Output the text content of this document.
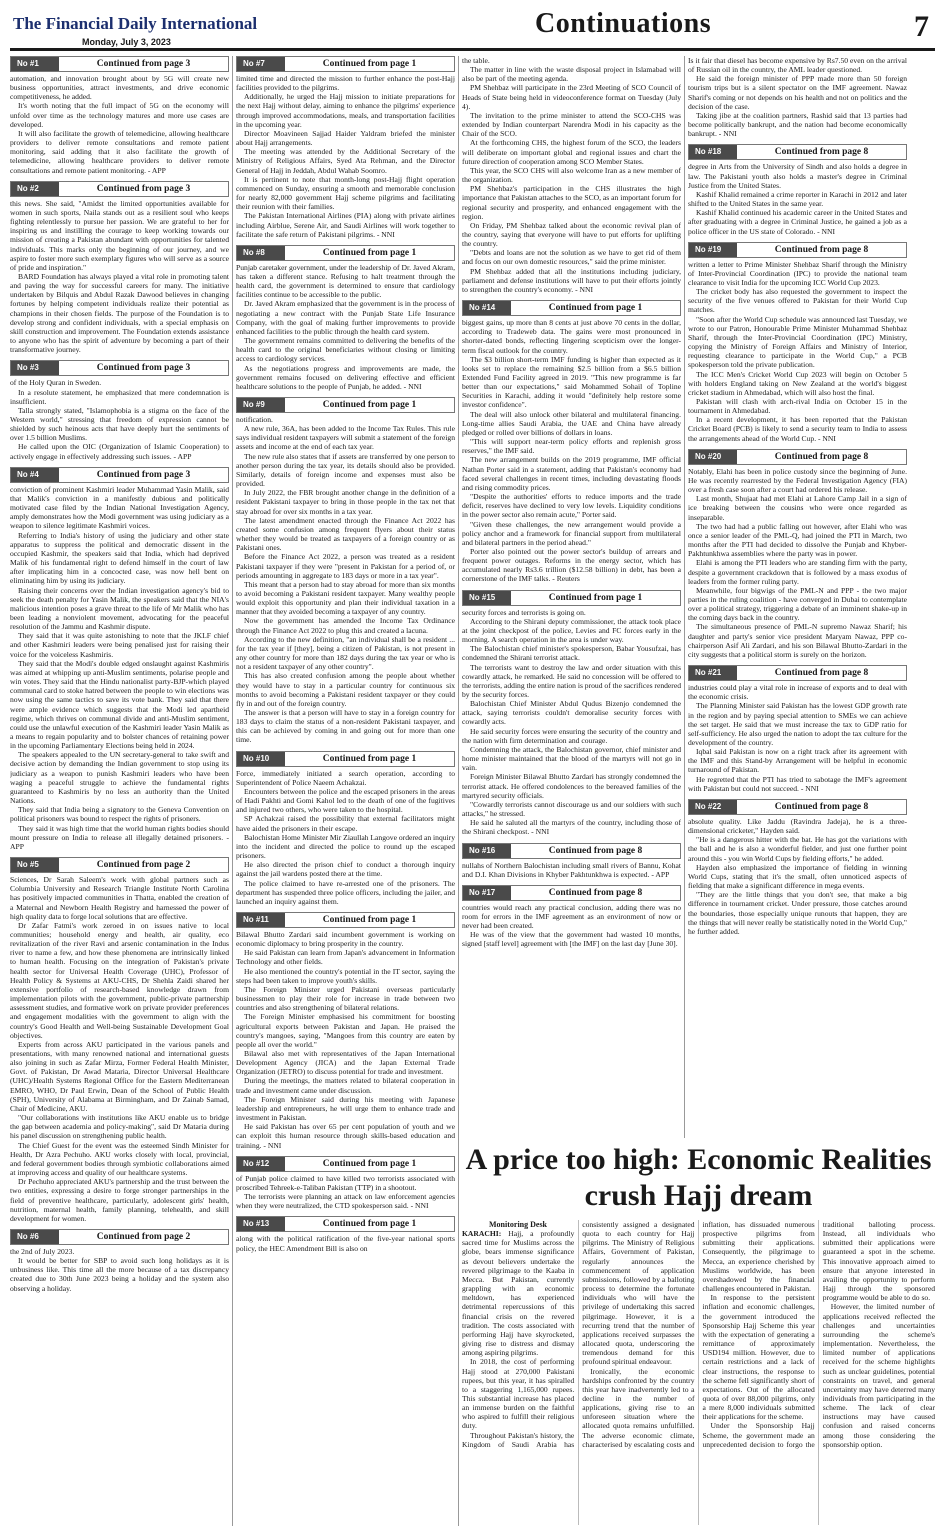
The Financial Daily International
Monday, July 3, 2023
Continuations	7
No #1	Continued from page 3

automation, and innovation brought about by 5G will create new business opportunities, attract investments, and drive economic competitiveness, he added.

It's worth noting that the full impact of 5G on the economy will unfold over time as the technology matures and more use cases are developed.

It will also facilitate the growth of telemedicine, allowing healthcare providers to deliver remote consultations and remote patient monitoring, said adding that it also facilitate the growth of telemedicine, allowing healthcare providers to deliver remote consultations and remote patient monitoring. - APP

No #2	Continued from page 3

this news. She said, "Amidst the limited opportunities available for women in such sports, Naila stands out as a resilient soul who keeps fighting relentlessly to pursue her passion. We are grateful to her for inspiring us and instilling the courage to keep working towards our mission of creating a Pakistan abundant with opportunities for talented individuals. This marks only the beginning of our journey, and we aspire to foster more such exemplary figures who will serve as a source of pride and inspiration."

BARD Foundation has always played a vital role in promoting talent and paving the way for successful careers for many. The initiative undertaken by Bilquis and Abdul Razak Dawood believes in changing fortunes by helping competent individuals realize their potential as champions in their chosen fields. The purpose of the Foundation is to develop strong and confident individuals, with a special emphasis on skill construction and improvement. The Foundation extends assistance to anyone who has the spirit of adventure by becoming a part of their transformative journey.

No #3	Continued from page 3

of the Holy Quran in Sweden.

In a resolute statement, he emphasized that mere condemnation is insufficient.

Talla strongly stated, "Islamophobia is a stigma on the face of the Western world," stressing that freedom of expression cannot be shielded by such heinous acts that have deeply hurt the sentiments of over 1.5 billion Muslims.

He called upon the OIC (Organization of Islamic Cooperation) to actively engage in effectively addressing such issues. - APP

No #4	Continued from page 3

conviction of prominent Kashmiri leader Muhammad Yasin Malik, said that Malik's conviction in a manifestly dubious and politically motivated case filed by the Indian National Investigation Agency, amply demonstrates how the Modi government was using judiciary as a weapon to silence legitimate Kashmiri voices.

Referring to India's history of using the judiciary and other state apparatus to suppress the political and democratic dissent in the occupied Kashmir, the speakers said that India, which had deprived Malik of his fundamental right to defend himself in the court of law after implicating him in a concocted case, was now hell bent on eliminating him by using its judiciary.

Raising their concerns over the Indian investigation agency's bid to seek the death penalty for Yasin Malik, the speakers said that the NIA's malicious intention poses a grave threat to the life of Mr Malik who has been leading a nonviolent movement, advocating for the peaceful resolution of the Jammu and Kashmir dispute.

They said that it was quite astonishing to note that the JKLF chief and other Kashmiri leaders were being penalised just for raising their voice for the voiceless Kashmiris.

They said that the Modi's double edged onslaught against Kashmiris was aimed at whipping up anti-Muslim sentiments, polarise people and win votes. They said that the Hindu nationalist party-BJP-which played communal card to stoke hatred between the people to win elections was now using the same tactics to save its vote bank. They said that there were ample evidence which suggests that the Modi led apartheid regime, which thrives on communal divide and anti-Muslim sentiment, could use the unlawful execution of the Kashmiri leader Yasin Malik as a means to regain popularity and to bolster chances of retaining power in the upcoming Parliamentary Elections being held in 2024.

The speakers appealed to the UN secretary-general to take swift and decisive action by demanding the Indian government to stop using its judiciary as a weapon to punish Kashmiri leaders who have been waging a peaceful struggle to achieve the fundamental rights guaranteed to Kashmiris by no less an authority than the United Nations.

They said that India being a signatory to the Geneva Convention on political prisoners was bound to respect the rights of prisoners.

They said it was high time that the world human rights bodies should mount pressure on India to release all illegally detained prisoners. - APP

No #5	Continued from page 2

Sciences, Dr Sarah Saleem's work with global partners such as Columbia University and Research Triangle Institute North Carolina has positively impacted communities in Thatta, enabled the creation of a Maternal and Newborn Health Registry and harnessed the power of high quality data to forge local solutions that are effective.

Dr Zafar Fatmi's work zeroed in on issues native to local communities; household energy and health, air quality, eco revitalization of the river Ravi and arsenic contamination in the Indus river to name a few, and how these phenomena are intrinsically linked to human health. Focusing on the integration of Pakistan's private health sector for Universal Health Coverage (UHC), Professor of Health Policy & Systems at AKU-CHS, Dr Shehla Zaidi shared her extensive portfolio of research-based knowledge drawn from implementation pilots with the government, public-private partnership assessment studies, and formative work on private provider preferences and engagement modalities with the government to align with the country's Good Health and Well-being Sustainable Development Goal objectives.

Experts from across AKU participated in the various panels and presentations, with many renowned national and international guests also joining in such as Zafar Mirza, Former Federal Health Minister, Govt. of Pakistan, Dr Awad Mataria, Director Universal Healthcare (UHC)/Health Systems Regional Office for the Eastern Mediterranean EMRO, WHO, Dr Paul Erwin, Dean of the School of Public Health (SPH), University of Alabama at Birmingham, and Dr Zainab Samad, Chair of Medicine, AKU.

"Our collaborations with institutions like AKU enable us to bridge the gap between academia and policy-making", said Dr Mataria during his panel discussion on strengthening public health.

The Chief Guest for the event was the esteemed Sindh Minister for Health, Dr Azra Pechuho. AKU works closely with local, provincial, and federal government bodies through symbiotic collaborations aimed at improving access and quality of our healthcare systems.

Dr Pechuho appreciated AKU's partnership and the trust between the two entities, expressing a desire to forge stronger partnerships in the field of preventive healthcare, particularly, adolescent girls' health, nutrition, maternal health, family planning, telehealth, and skill development for women.

No #6	Continued from page 2

the 2nd of July 2023.

It would be better for SBP to avoid such long holidays as it is unbusiness like. This time all the more because of a tax discrepancy created due to 30th June 2023 being a holiday and the system also observing a holiday.

No #7	Continued from page 1

limited time and directed the mission to further enhance the post-Hajj facilities provided to the pilgrims.

Additionally, he urged the Hajj mission to initiate preparations for the next Hajj without delay, aiming to enhance the pilgrims' experience through improved accommodations, meals, and transportation facilities in the upcoming year.

Director Moavineen Sajjad Haider Yaldram briefed the minister about Hajj arrangements.

The meeting was attended by the Additional Secretary of the Ministry of Religious Affairs, Syed Ata Rehman, and the Director General of Hajj in Jeddah, Abdul Wahab Soomro.

It is pertinent to note that month-long post-Hajj flight operation commenced on Sunday, ensuring a smooth and memorable conclusion for nearly 82,000 government Hajj scheme pilgrims and facilitating their reunion with their families.

The Pakistan International Airlines (PIA) along with private airlines including Airblue, Serene Air, and Saudi Airlines will work together to facilitate the safe return of Pakistani pilgrims. - NNI

No #8	Continued from page 1

Punjab caretaker government, under the leadership of Dr. Javed Akram, has taken a different stance. Refusing to halt treatment through the health card, the government is determined to ensure that cardiology facilities continue to be accessible to the public.

Dr. Javed Akram emphasized that the government is in the process of negotiating a new contract with the Punjab State Life Insurance Company, with the goal of making further improvements to provide enhanced facilities to the public through the health card system.

The government remains committed to delivering the benefits of the health card to the original beneficiaries without closing or limiting access to cardiology services.

As the negotiations progress and improvements are made, the government remains focused on delivering effective and efficient healthcare solutions to the people of Punjab, he added. - NNI

No #9	Continued from page 1

notification.

A new rule, 36A, has been added to the Income Tax Rules. This rule says individual resident taxpayers will submit a statement of the foreign assets and income at the end of each tax year.

The new rule also states that if assets are transferred by one person to another person during the tax year, its details should also be provided. Similarly, details of foreign income and expenses must also be provided.

In July 2022, the FBR brought another change in the definition of a resident Pakistani taxpayer to bring in those people in the tax net that stay abroad for over six months in a tax year.

The latest amendment enacted through the Finance Act 2022 has created some confusion among frequent flyers about their status whether they would be treated as taxpayers of a foreign country or as Pakistani ones.

Before the Finance Act 2022, a person was treated as a resident Pakistani taxpayer if they were "present in Pakistan for a period of, or periods amounting in aggregate to 183 days or more in a tax year".

This meant that a person had to stay abroad for more than six months to avoid becoming a Pakistani resident taxpayer. Many wealthy people would exploit this opportunity and plan their individual taxation in a manner that they avoided becoming a taxpayer of any country.

Now the government has amended the Income Tax Ordinance through the Finance Act 2022 to plug this and created a lacuna.

According to the new definition, "an individual shall be a resident ... for the tax year if [they], being a citizen of Pakistan, is not present in any other country for more than 182 days during the tax year or who is not a resident taxpayer of any other country".

This has also created confusion among the people about whether they would have to stay in a particular country for continuous six months to avoid becoming a Pakistani resident taxpayer or they could fly in and out of the foreign country.

The answer is that a person will have to stay in a foreign country for 183 days to claim the status of a non-resident Pakistani taxpayer, and this can be achieved by coming in and going out for more than one time.

No #10	Continued from page 1

Force, immediately initiated a search operation, according to Superintendent of Police Naeem Achakzai.

Encounters between the police and the escaped prisoners in the areas of Hadi Pakhti and Gomi Kahol led to the death of one of the fugitives and injured two others, who were taken to the hospital.

SP Achakzai raised the possibility that external facilitators might have aided the prisoners in their escape.

Balochistan Home Minister Mir Ziaullah Langove ordered an inquiry into the incident and directed the police to round up the escaped prisoners.

He also directed the prison chief to conduct a thorough inquiry against the jail wardens posted there at the time.

The police claimed to have re-arrested one of the prisoners. The department has suspended three police officers, including the jailer, and launched an inquiry against them.

No #11	Continued from page 1

Bilawal Bhutto Zardari said incumbent government is working on economic diplomacy to bring prosperity in the country.

He said Pakistan can learn from Japan's advancement in Information Technology and other fields.

He also mentioned the country's potential in the IT sector, saying the steps had been taken to improve youth's skills.

The Foreign Minister urged Pakistani overseas particularly businessmen to play their role for increase in trade between two countries and also strengthening of bilateral relations.

The Foreign Minister emphasised his commitment for boosting agricultural exports between Pakistan and Japan. He praised the country's mangoes, saying, "Mangoes from this country are eaten by people all over the world."

Bilawal also met with representatives of the Japan International Development Agency (JICA) and the Japan External Trade Organization (JETRO) to discuss potential for trade and investment.

During the meetings, the matters related to bilateral cooperation in trade and investment came under discussion.

The Foreign Minister said during his meeting with Japanese leadership and entrepreneurs, he will urge them to enhance trade and investment in Pakistan.

He said Pakistan has over 65 per cent population of youth and we can exploit this human resource through skills-based education and training. - NNI

No #12	Continued from page 1

of Punjab police claimed to have killed two terrorists associated with proscribed Tehreek-e-Taliban Pakistan (TTP) in a shootout.

The terrorists were planning an attack on law enforcement agencies when they were neutralized, the CTD spokesperson said. - NNI

No #13	Continued from page 1

along with the political ratification of the five-year national sports policy, the HEC Amendment Bill is also on

the table.

The matter in line with the waste disposal project in Islamabad will also be part of the meeting agenda.

PM Shehbaz will participate in the 23rd Meeting of SCO Council of Heads of State being held in videoconference format on Tuesday (July 4).

The invitation to the prime minister to attend the SCO-CHS was extended by Indian counterpart Narendra Modi in his capacity as the Chair of the SCO.

At the forthcoming CHS, the highest forum of the SCO, the leaders will deliberate on important global and regional issues and chart the future direction of cooperation among SCO Member States.

This year, the SCO CHS will also welcome Iran as a new member of the organization.

PM Shehbaz's participation in the CHS illustrates the high importance that Pakistan attaches to the SCO, as an important forum for regional security and prosperity, and enhanced engagement with the region.

On Friday, PM Shehbaz talked about the economic revival plan of the country, saying that everyone will have to put efforts for uplifting the country.

"Debts and loans are not the solution as we have to get rid of them and focus on our own domestic resources," said the prime minister.

PM Shehbaz added that all the institutions including judiciary, parliament and defense institutions will have to put their efforts jointly to strengthen the country's economy. - NNI

No #14	Continued from page 1

biggest gains, up more than 8 cents at just above 70 cents in the dollar, according to Tradeweb data. The gains were most pronounced in shorter-dated bonds, reflecting lingering scepticism over the longer-term fiscal outlook for the country.

The $3 billion short-term IMF funding is higher than expected as it looks set to replace the remaining $2.5 billion from a $6.5 billion Extended Fund Facility agreed in 2019. "This new programme is far better than our expectations," said Mohammed Sohail of Topline Securities in Karachi, adding it would "definitely help restore some investor confidence".

The deal will also unlock other bilateral and multilateral financing. Long-time allies Saudi Arabia, the UAE and China have already pledged or rolled over billions of dollars in loans.

"This will support near-term policy efforts and replenish gross reserves," the IMF said.

The new arrangement builds on the 2019 programme, IMF official Nathan Porter said in a statement, adding that Pakistan's economy had faced several challenges in recent times, including devastating floods and rising commodity prices.

"Despite the authorities' efforts to reduce imports and the trade deficit, reserves have declined to very low levels. Liquidity conditions in the power sector also remain acute," Porter said.

"Given these challenges, the new arrangement would provide a policy anchor and a framework for financial support from multilateral and bilateral partners in the period ahead."

Porter also pointed out the power sector's buildup of arrears and frequent power outages. Reforms in the energy sector, which has accumulated nearly Rs3.6 trillion ($12.58 billion) in debt, has been a cornerstone of the IMF talks. - Reuters

No #15	Continued from page 1

security forces and terrorists is going on.

According to the Shirani deputy commissioner, the attack took place at the joint checkpost of the police, Levies and FC forces early in the morning. A search operation in the area is under way.

The Balochistan chief minister's spokesperson, Babar Yousufzai, has condemned the Shirani terrorist attack.

The terrorists want to destroy the law and order situation with this cowardly attack, he remarked. He said no concession will be offered to the terrorists, adding the entire nation is proud of the sacrifices rendered by the security forces.

Balochistan Chief Minister Abdul Qudus Bizenjo condemned the attack, saying terrorists couldn't demoralise security forces with cowardly acts.

He said security forces were ensuring the security of the country and the nation with firm determination and courage.

Condemning the attack, the Balochistan governor, chief minister and home minister maintained that the blood of the martyrs will not go in vain.

Foreign Minister Bilawal Bhutto Zardari has strongly condemned the terrorist attack. He offered condolences to the bereaved families of the martyred security officials.

"Cowardly terrorists cannot discourage us and our soldiers with such attacks," he stressed.

He said he saluted all the martyrs of the country, including those of the Shirani checkpost. - NNI

No #16	Continued from page 8

nullahs of Northern Balochistan including small rivers of Bannu, Kohat and D.I. Khan Divisions in Khyber Pakhtunkhwa is expected. - APP

No #17	Continued from page 8

countries would reach any practical conclusion, adding there was no room for errors in the IMF agreement as an environment of now or never had been created.

He was of the view that the government had wasted 10 months, signed [staff level] agreement with [the IMF] on the last day [June 30].

Is it fair that diesel has become expensive by Rs7.50 even on the arrival of Russian oil in the country, the AML leader questioned.

He said the foreign minister of PPP made more than 50 foreign tourism trips but is a silent spectator on the IMF agreement. Nawaz Sharif's coming or not depends on his health and not on politics and the decision of the case.

Taking jibe at the coalition partners, Rashid said that 13 parties had become politically bankrupt, and the nation had become economically bankrupt. - NNI

No #18	Continued from page 8

degree in Arts from the University of Sindh and also holds a degree in law. The Pakistani youth also holds a master's degree in Criminal Justice from the United States.

Kashif Khalid remained a crime reporter in Karachi in 2012 and later shifted to the United States in the same year.

Kashif Khalid continued his academic career in the United States and after graduating with a degree in Criminal Justice, he gained a job as a police officer in the US state of Colorado. - NNI

No #19	Continued from page 8

written a letter to Prime Minister Shehbaz Sharif through the Ministry of Inter-Provincial Coordination (IPC) to provide the national team clearance to visit India for the upcoming ICC World Cup 2023.

The cricket body has also requested the government to inspect the security of the five venues offered to Pakistan for their World Cup matches.

"Soon after the World Cup schedule was announced last Tuesday, we wrote to our Patron, Honourable Prime Minister Muhammad Shehbaz Sharif, through the Inter-Provincial Coordination (IPC) Ministry, copying the Ministry of Foreign Affairs and Ministry of Interior, requesting clearance to participate in the World Cup," a PCB spokesperson told the private publication.

The ICC Men's Cricket World Cup 2023 will begin on October 5 with holders England taking on New Zealand at the world's biggest cricket stadium in Ahmedabad, which will also host the final.

Pakistan will clash with arch-rival India on October 15 in the tournament in Ahmedabad.

In a recent development, it has been reported that the Pakistan Cricket Board (PCB) is likely to send a security team to India to assess the arrangements ahead of the World Cup. - NNI

No #20	Continued from page 8

Notably, Elahi has been in police custody since the beginning of June. He was recently rearrested by the Federal Investigation Agency (FIA) over a fresh case soon after a court had ordered his release.

Last month, Shujaat had met Elahi at Lahore Camp Jail in a sign of ice breaking between the cousins who were once regarded as inseparable.

The two had had a public falling out however, after Elahi who was once a senior leader of the PML-Q, had joined the PTI in March, two months after the PTI had decided to dissolve the Punjab and Khyber-Pakhtunkhwa assemblies where the party was in power.

Elahi is among the PTI leaders who are standing firm with the party, despite a government crackdown that is followed by a mass exodus of leaders from the former ruling party.

Meanwhile, four bigwigs of the PML-N and PPP - the two major parties in the ruling coalition - have converged in Dubai to contemplate over a political strategy, triggering a debate of an imminent shake-up in the coming days back in the country.

The simultaneous presence of PML-N supremo Nawaz Sharif; his daughter and party's senior vice president Maryam Nawaz, PPP co-chairperson Asif Ali Zardari, and his son Bilawal Bhutto-Zardari in the city suggests that a political storm is surely on the horizon.

No #21	Continued from page 8

industries could play a vital role in increase of exports and to deal with the economic crisis.

The Planning Minister said Pakistan has the lowest GDP growth rate in the region and by paying special attention to SMEs we can achieve the set target. He said that we must increase the tax to GDP ratio for self-sufficiency. He also urged the nation to adopt the tax culture for the development of the country.

Iqbal said Pakistan is now on a right track after its agreement with the IMF and this Stand-by Arrangement will be helpful in economic turnaround of Pakistan.

He regretted that the PTI has tried to sabotage the IMF's agreement with Pakistan but could not succeed. - NNI

No #22	Continued from page 8

absolute quality. Like Jaddu (Ravindra Jadeja), he is a three-dimensional cricketer," Hayden said.

"He is a dangerous hitter with the bat. He has got the variations with the ball and he is also a wonderful fielder, and just one further point around this - you win World Cups by fielding efforts," he added.

Hayden also emphasized the importance of fielding in winning World Cups, stating that it's the small, often unnoticed aspects of fielding that make a significant difference in mega events.

"They are the little things that you don't see, that make a big difference in tournament cricket. Under pressure, those catches around the boundaries, those especially unique runouts that happen, they are the things that will never really be statistically noted in the World Cup," he further added.

A price too high: Economic Realities crush Hajj dream
Monitoring Desk

KARACHI: Hajj, a profoundly sacred time for Muslims across the globe, bears immense significance as devout believers undertake the revered pilgrimage to the Kaaba in Mecca. But Pakistan, currently grappling with an economic meltdown, has experienced detrimental repercussions of this financial crisis on the revered tradition. The costs associated with performing Hajj have skyrocketed, giving rise to distress and dismay among aspiring pilgrims.

In 2018, the cost of performing Hajj stood at 270,000 Pakistani rupees, but this year, it has spiralled to a staggering 1,165,000 rupees. This substantial increase has placed an immense burden on the faithful who aspired to fulfill their religious duty.

Throughout Pakistan's history, the Kingdom of Saudi Arabia has consistently assigned a designated quota to each country for Hajj pilgrims. The Ministry of Religious Affairs, Government of Pakistan, regularly announces the commencement of application submissions, followed by a balloting process to determine the fortunate individuals who will have the privilege of undertaking this sacred pilgrimage. However, it is a recurring trend that the number of applications received surpasses the allocated quota, underscoring the tremendous demand for this profound spiritual endeavour.

Ironically, the economic hardships confronted by the country this year have inadvertently led to a decline in the number of applications, giving rise to an unforeseen situation where the allocated quota remains unfulfilled. The adverse economic climate, characterised by escalating costs and inflation, has dissuaded numerous prospective pilgrims from submitting their applications. Consequently, the pilgrimage to Mecca, an experience cherished by Muslims worldwide, has been overshadowed by the financial challenges encountered in Pakistan.

In response to the persistent inflation and economic challenges, the government introduced the Sponsorship Hajj Scheme this year with the expectation of generating a remittance of approximately USD194 million. However, due to certain restrictions and a lack of clear instructions, the response to the scheme fell significantly short of expectations. Out of the allocated quota of over 88,000 pilgrims, only a mere 8,000 individuals submitted their applications for the scheme.

Under the Sponsorship Hajj Scheme, the government made an unprecedented decision to forgo the traditional balloting process. Instead, all individuals who submitted their applications were guaranteed a spot in the scheme. This innovative approach aimed to ensure that anyone interested in availing the opportunity to perform Hajj through the sponsored programme would be able to do so.

However, the limited number of applications received reflected the challenges and uncertainties surrounding the scheme's implementation. Nevertheless, the limited number of applications received for the scheme highlights such as unclear guidelines, potential constraints on travel, and general uncertainty may have deterred many individuals from participating in the scheme. The lack of clear instructions may have caused confusion and raised concerns among those considering the sponsorship option.
